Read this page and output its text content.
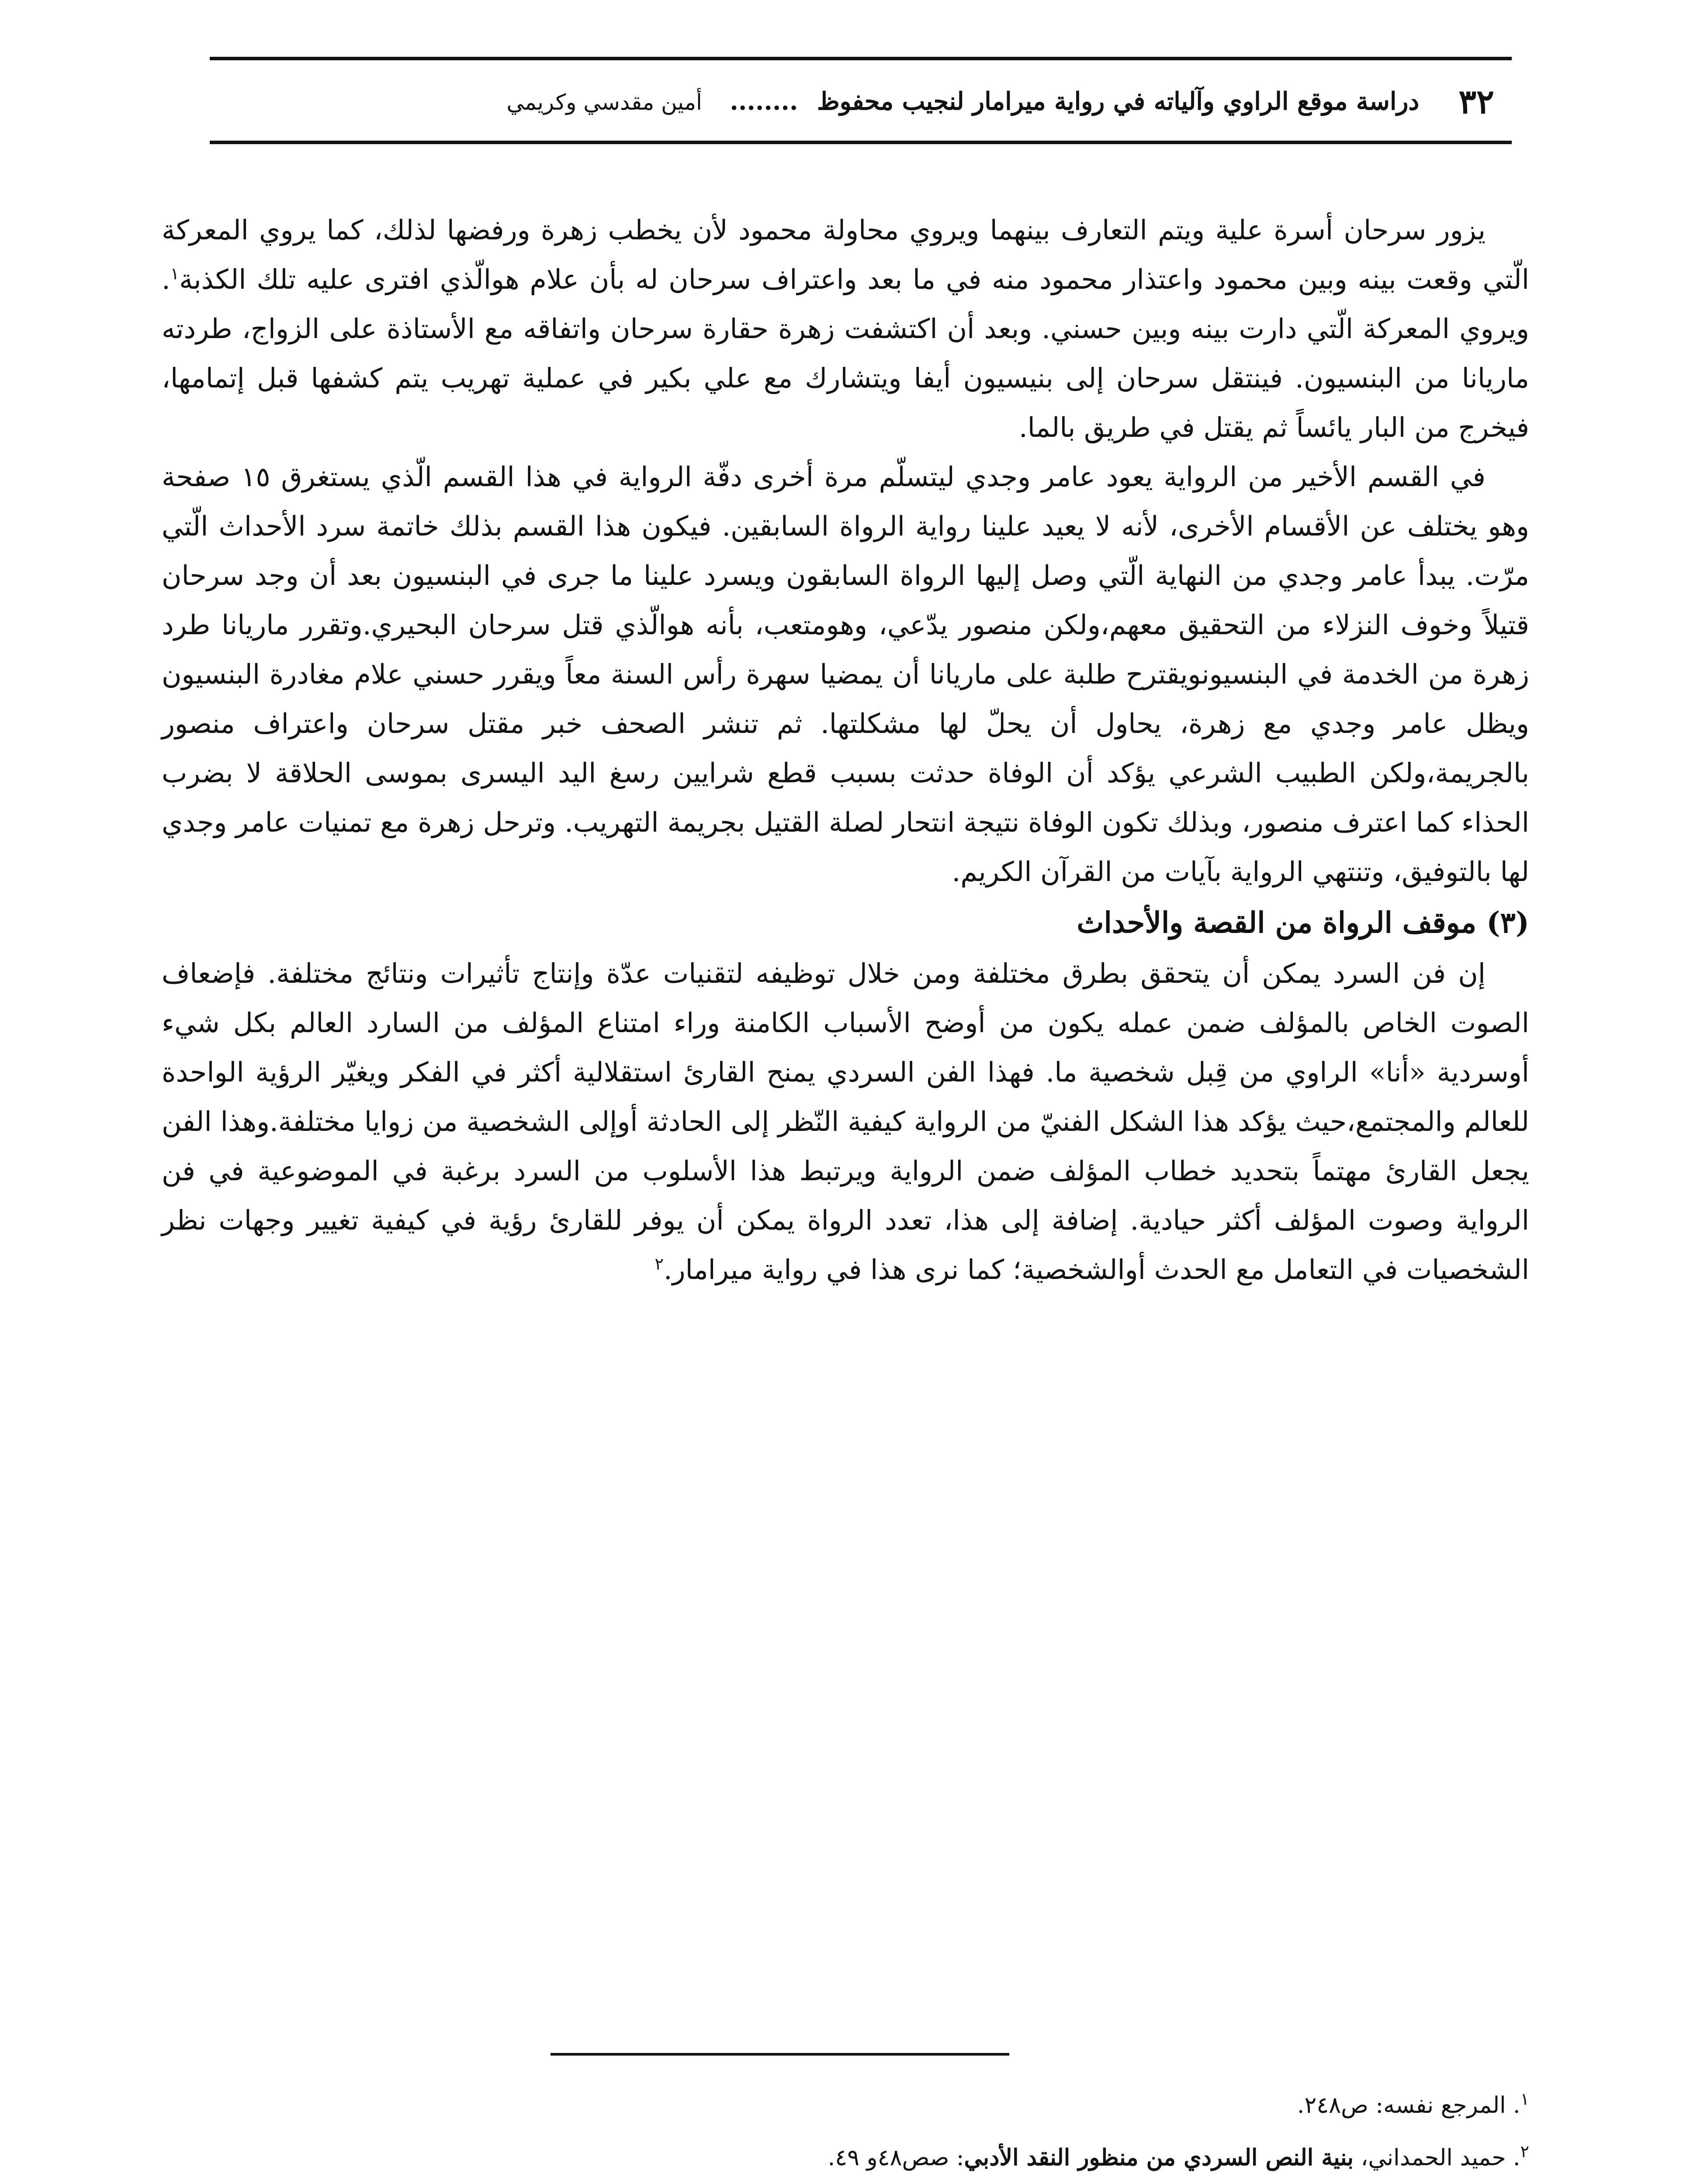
٣٢
دراسة موقع الراوي وآلياته في رواية ميرامار لنجيب محفوظ ........ أمين مقدسي وكريمي

يزور سرحان أسرة علية ويتم التعارف بينهما ويروي محاولة محمود لأن يخطب زهرة ورفضها لذلك، كما يروي المعركة الّتي وقعت بينه وبين محمود واعتذار محمود منه في ما بعد واعتراف سرحان له بأن علام هوالّذي افترى عليه تلك الكذبة$^١$. ويروي المعركة الّتي دارت بينه وبين حسني. وبعد أن اكتشفت زهرة حقارة سرحان واتفاقه مع الأستاذة على الزواج، طردته ماريانا من البنسيون. فينتقل سرحان إلى بنيسيون أيفا ويتشارك مع علي بكير في عملية تهريب يتم كشفها قبل إتمامها، فيخرج من البار يائساً ثم يقتل في طريق بالما.

في القسم الأخير من الرواية يعود عامر وجدي ليتسلّم مرة أخرى دفّة الرواية في هذا القسم الّذي يستغرق ١٥ صفحة وهو يختلف عن الأقسام الأخرى، لأنه لا يعيد علينا رواية الرواة السابقين. فيكون هذا القسم بذلك خاتمة سرد الأحداث الّتي مرّت. يبدأ عامر وجدي من النهاية الّتي وصل إليها الرواة السابقون ويسرد علينا ما جرى في البنسيون بعد أن وجد سرحان قتيلاً وخوف النزلاء من التحقيق معهم،ولكن منصور يدّعي، وهومتعب، بأنه هوالّذي قتل سرحان البحيري.وتقرر ماريانا طرد زهرة من الخدمة في البنسيونويقترح طلبة على ماريانا أن يمضيا سهرة رأس السنة معاً ويقرر حسني علام مغادرة البنسيون ويظل عامر وجدي مع زهرة، يحاول أن يحلّ لها مشكلتها. ثم تنشر الصحف خبر مقتل سرحان واعتراف منصور بالجريمة،ولكن الطبيب الشرعي يؤكد أن الوفاة حدثت بسبب قطع شرايين رسغ اليد اليسرى بموسى الحلاقة لا بضرب الحذاء كما اعترف منصور، وبذلك تكون الوفاة نتيجة انتحار لصلة القتيل بجريمة التهريب. وترحل زهرة مع تمنيات عامر وجدي لها بالتوفيق، وتنتهي الرواية بآيات من القرآن الكريم.

(٣) موقف الرواة من القصة والأحداث

إن فن السرد يمكن أن يتحقق بطرق مختلفة ومن خلال توظيفه لتقنيات عدّة وإنتاج تأثيرات ونتائج مختلفة. فإضعاف الصوت الخاص بالمؤلف ضمن عمله يكون من أوضح الأسباب الكامنة وراء امتناع المؤلف من السارد العالم بكل شيء أوسردية «أنا» الراوي من قِبل شخصية ما. فهذا الفن السردي يمنح القارئ استقلالية أكثر في الفكر ويغيّر الرؤية الواحدة للعالم والمجتمع،حيث يؤكد هذا الشكل الفنيّ من الرواية كيفية النّظر إلى الحادثة أوإلى الشخصية من زوايا مختلفة.وهذا الفن يجعل القارئ مهتماً بتحديد خطاب المؤلف ضمن الرواية ويرتبط هذا الأسلوب من السرد برغبة في الموضوعية في فن الرواية وصوت المؤلف أكثر حيادية. إضافة إلى هذا، تعدد الرواة يمكن أن يوفر للقارئ رؤية في كيفية تغيير وجهات نظر الشخصيات في التعامل مع الحدث أوالشخصية؛ كما نرى هذا في رواية ميرامار.$^٢$

$^١$. المرجع نفسه: ص٢٤٨.

$^٢$. حميد الحمداني، بنية النص السردي من منظور النقد الأدبي: صص٤٨و ٤٩.
